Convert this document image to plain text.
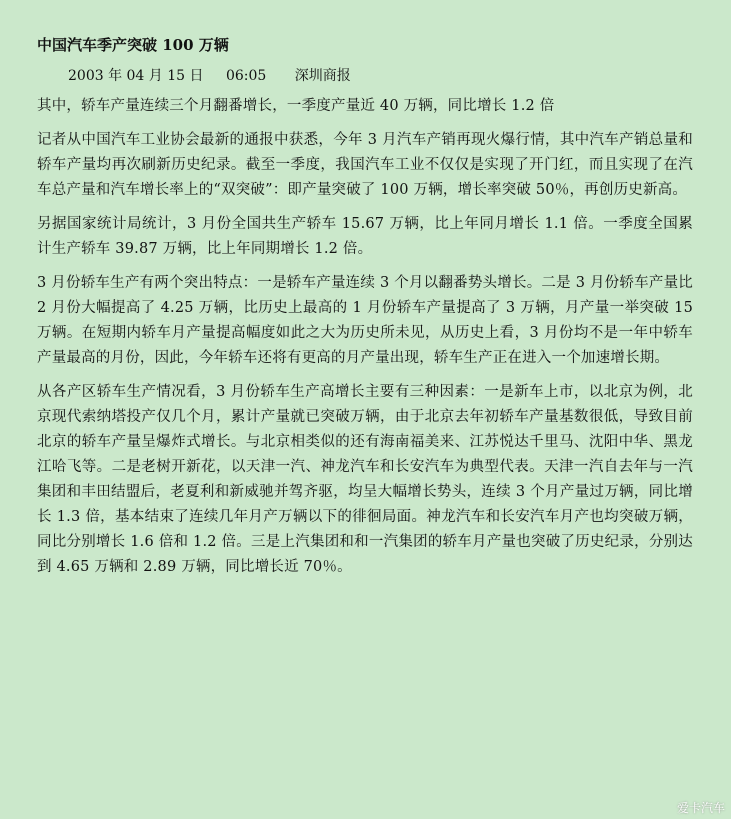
中国汽车季产突破 100 万辆
2003 年 04 月 15 日 06:05 深圳商报

其中，轿车产量连续三个月翻番增长，一季度产量近 40 万辆，同比增长 1.2 倍

记者从中国汽车工业协会最新的通报中获悉，今年 3 月汽车产销再现火爆行情，其中汽车产销总量和轿车产量均再次刷新历史纪录。截至一季度，我国汽车工业不仅仅是实现了开门红，而且实现了在汽车总产量和汽车增长率上的“双突破”：即产量突破了 100 万辆，增长率突破 50％，再创历史新高。

另据国家统计局统计，3 月份全国共生产轿车 15.67 万辆，比上年同月增长 1.1 倍。一季度全国累计生产轿车 39.87 万辆，比上年同期增长 1.2 倍。

3 月份轿车生产有两个突出特点：一是轿车产量连续 3 个月以翻番势头增长。二是 3 月份轿车产量比 2 月份大幅提高了 4.25 万辆，比历史上最高的 1 月份轿车产量提高了 3 万辆，月产量一举突破 15 万辆。在短期内轿车月产量提高幅度如此之大为历史所未见，从历史上看，3 月份均不是一年中轿车产量最高的月份，因此，今年轿车还将有更高的月产量出现，轿车生产正在进入一个加速增长期。

从各产区轿车生产情况看，3 月份轿车生产高增长主要有三种因素：一是新车上市，以北京为例，北京现代索纳塔投产仅几个月，累计产量就已突破万辆，由于北京去年初轿车产量基数很低，导致目前北京的轿车产量呈爆炸式增长。与北京相类似的还有海南福美来、江苏悦达千里马、沈阳中华、黑龙江哈飞等。二是老树开新花，以天津一汽、神龙汽车和长安汽车为典型代表。天津一汽自去年与一汽集团和丰田结盟后，老夏利和新威驰并驾齐驱，均呈大幅增长势头，连续 3 个月产量过万辆，同比增长 1.3 倍，基本结束了连续几年月产万辆以下的徘徊局面。神龙汽车和长安汽车月产也均突破万辆，同比分别增长 1.6 倍和 1.2 倍。三是上汽集团和和一汽集团的轿车月产量也突破了历史纪录，分别达到 4.65 万辆和 2.89 万辆，同比增长近 70％。

爱卡汽车
